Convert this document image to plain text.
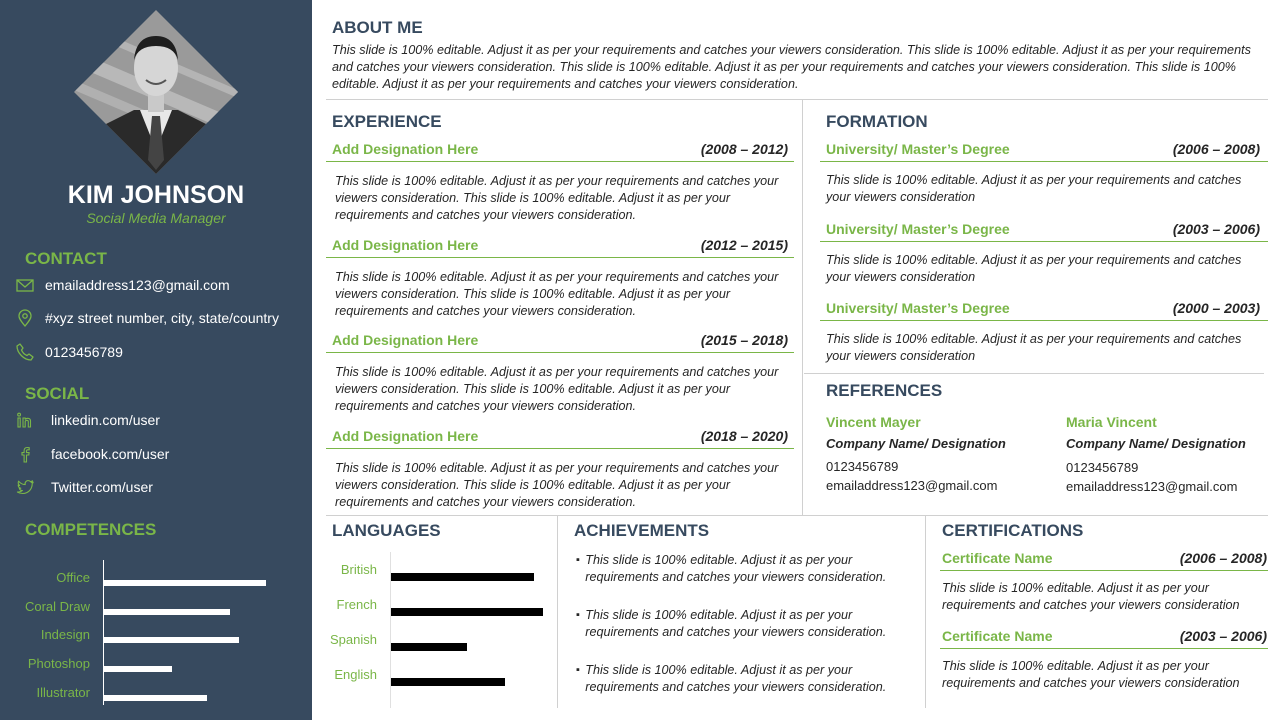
KIM JOHNSON
Social Media Manager
CONTACT
emailaddress123@gmail.com
#xyz street number, city, state/country
0123456789
SOCIAL
linkedin.com/user
facebook.com/user
Twitter.com/user
COMPETENCES
Office
Coral Draw
Indesign
Photoshop
Illustrator
ABOUT ME
This slide is 100% editable. Adjust it as per your requirements and catches your viewers consideration. This slide is 100% editable. Adjust it as per your requirements and catches your viewers consideration. This slide is 100% editable. Adjust it as per your requirements and catches your viewers consideration. This slide is 100% editable. Adjust it as per your requirements and catches your viewers consideration.
EXPERIENCE
Add Designation Here	(2008 – 2012)
This slide is 100% editable. Adjust it as per your requirements and catches your viewers consideration. This slide is 100% editable. Adjust it as per your requirements and catches your viewers consideration.
Add Designation Here	(2012 – 2015)
This slide is 100% editable. Adjust it as per your requirements and catches your viewers consideration. This slide is 100% editable. Adjust it as per your requirements and catches your viewers consideration.
Add Designation Here	(2015 – 2018)
This slide is 100% editable. Adjust it as per your requirements and catches your viewers consideration. This slide is 100% editable. Adjust it as per your requirements and catches your viewers consideration.
Add Designation Here	(2018 – 2020)
This slide is 100% editable. Adjust it as per your requirements and catches your viewers consideration. This slide is 100% editable. Adjust it as per your requirements and catches your viewers consideration.
FORMATION
University/ Master’s Degree	(2006 – 2008)
This slide is 100% editable. Adjust it as per your requirements and catches your viewers consideration
University/ Master’s Degree	(2003 – 2006)
This slide is 100% editable. Adjust it as per your requirements and catches your viewers consideration
University/ Master’s Degree	(2000 – 2003)
This slide is 100% editable. Adjust it as per your requirements and catches your viewers consideration
REFERENCES
Vincent Mayer
Company Name/ Designation
0123456789
emailaddress123@gmail.com
Maria Vincent
Company Name/ Designation
0123456789
emailaddress123@gmail.com
LANGUAGES
British
French
Spanish
English
ACHIEVEMENTS
▪ This slide is 100% editable. Adjust it as per your requirements and catches your viewers consideration.
▪ This slide is 100% editable. Adjust it as per your requirements and catches your viewers consideration.
▪ This slide is 100% editable. Adjust it as per your requirements and catches your viewers consideration.
CERTIFICATIONS
Certificate Name	(2006 – 2008)
This slide is 100% editable. Adjust it as per your requirements and catches your viewers consideration
Certificate Name	(2003 – 2006)
This slide is 100% editable. Adjust it as per your requirements and catches your viewers consideration
